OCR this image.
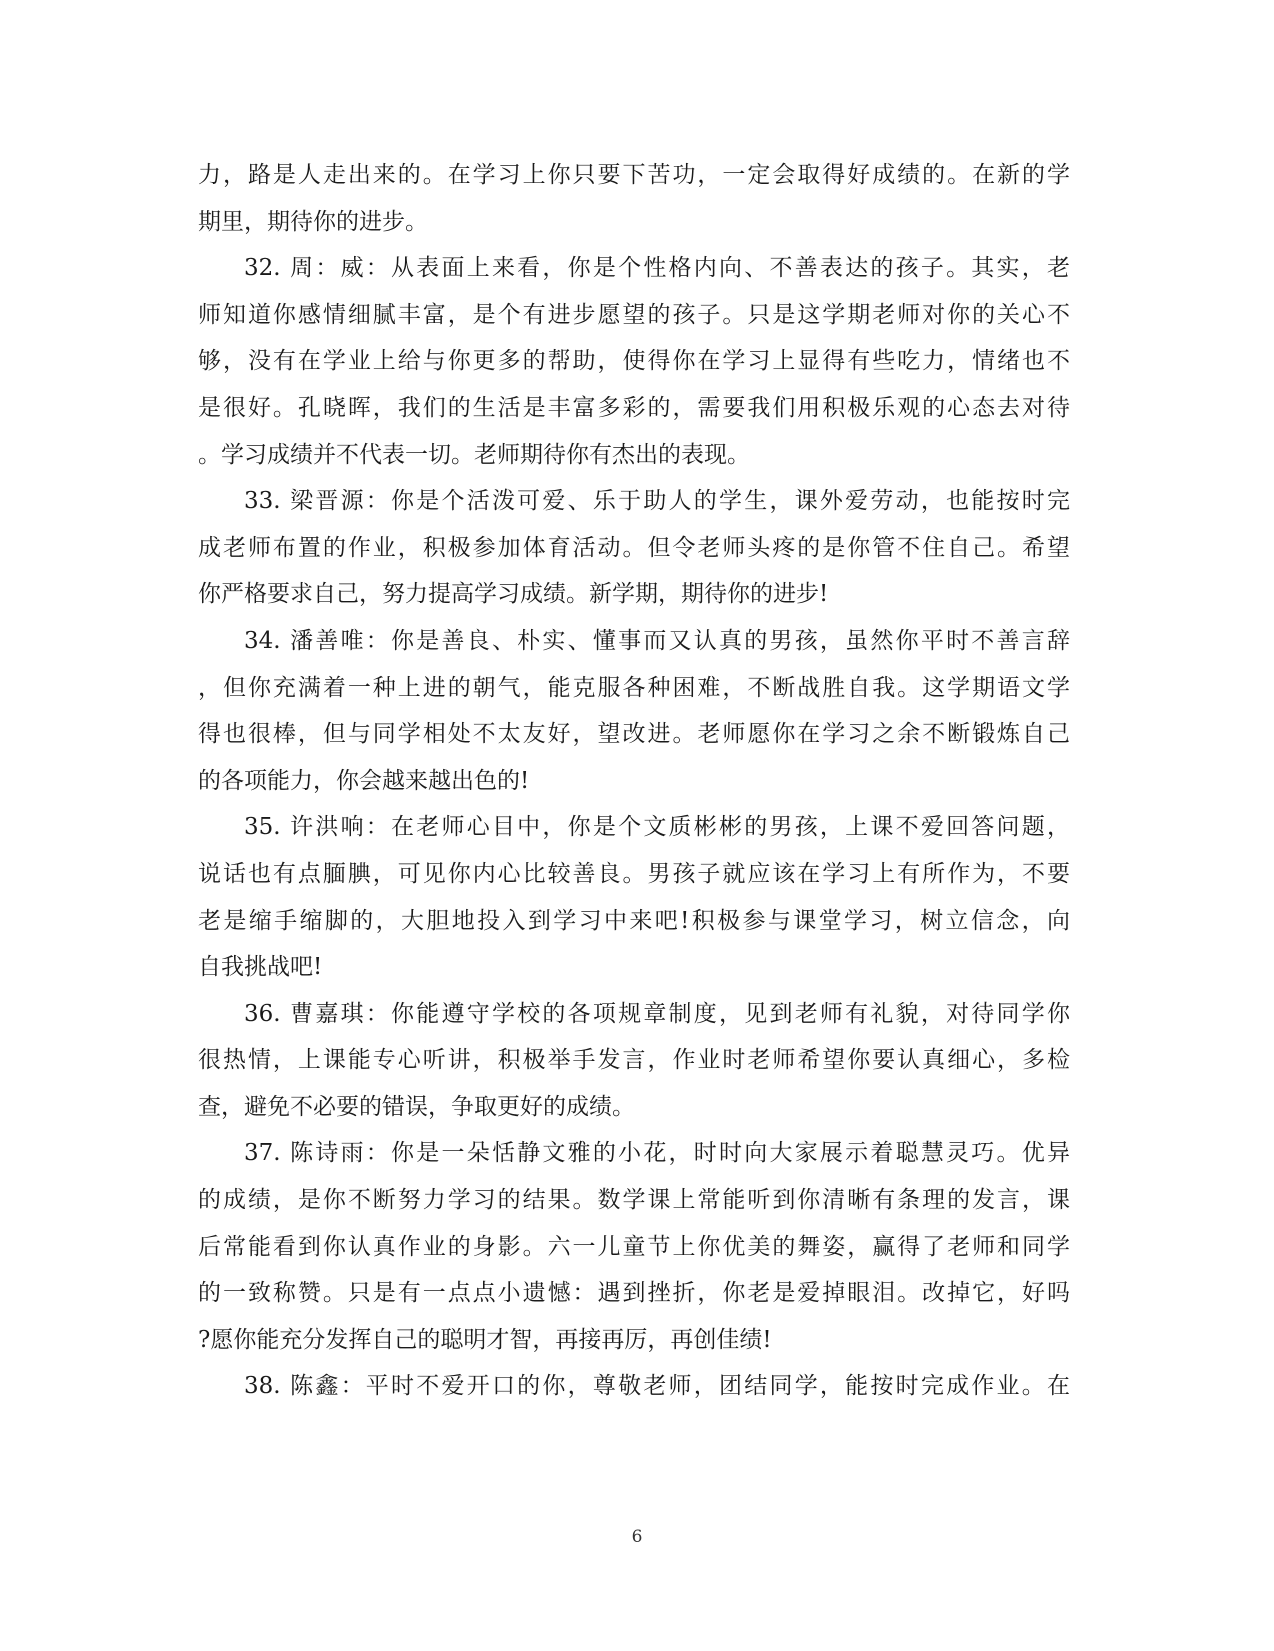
力，路是人走出来的。在学习上你只要下苦功，一定会取得好成绩的。在新的学
期里，期待你的进步。
32. 周：威：从表面上来看，你是个性格内向、不善表达的孩子。其实，老
师知道你感情细腻丰富，是个有进步愿望的孩子。只是这学期老师对你的关心不
够，没有在学业上给与你更多的帮助，使得你在学习上显得有些吃力，情绪也不
是很好。孔晓晖，我们的生活是丰富多彩的，需要我们用积极乐观的心态去对待
。学习成绩并不代表一切。老师期待你有杰出的表现。
33. 梁晋源：你是个活泼可爱、乐于助人的学生，课外爱劳动，也能按时完
成老师布置的作业，积极参加体育活动。但令老师头疼的是你管不住自己。希望
你严格要求自己，努力提高学习成绩。新学期，期待你的进步!
34. 潘善唯：你是善良、朴实、懂事而又认真的男孩，虽然你平时不善言辞
，但你充满着一种上进的朝气，能克服各种困难，不断战胜自我。这学期语文学
得也很棒，但与同学相处不太友好，望改进。老师愿你在学习之余不断锻炼自己
的各项能力，你会越来越出色的!
35. 许洪响：在老师心目中，你是个文质彬彬的男孩，上课不爱回答问题，
说话也有点腼腆，可见你内心比较善良。男孩子就应该在学习上有所作为，不要
老是缩手缩脚的，大胆地投入到学习中来吧!积极参与课堂学习，树立信念，向
自我挑战吧!
36. 曹嘉琪：你能遵守学校的各项规章制度，见到老师有礼貌，对待同学你
很热情，上课能专心听讲，积极举手发言，作业时老师希望你要认真细心，多检
查，避免不必要的错误，争取更好的成绩。
37. 陈诗雨：你是一朵恬静文雅的小花，时时向大家展示着聪慧灵巧。优异
的成绩，是你不断努力学习的结果。数学课上常能听到你清晰有条理的发言，课
后常能看到你认真作业的身影。六一儿童节上你优美的舞姿，赢得了老师和同学
的一致称赞。只是有一点点小遗憾：遇到挫折，你老是爱掉眼泪。改掉它，好吗
?愿你能充分发挥自己的聪明才智，再接再厉，再创佳绩!
38. 陈鑫：平时不爱开口的你，尊敬老师，团结同学，能按时完成作业。在
6
